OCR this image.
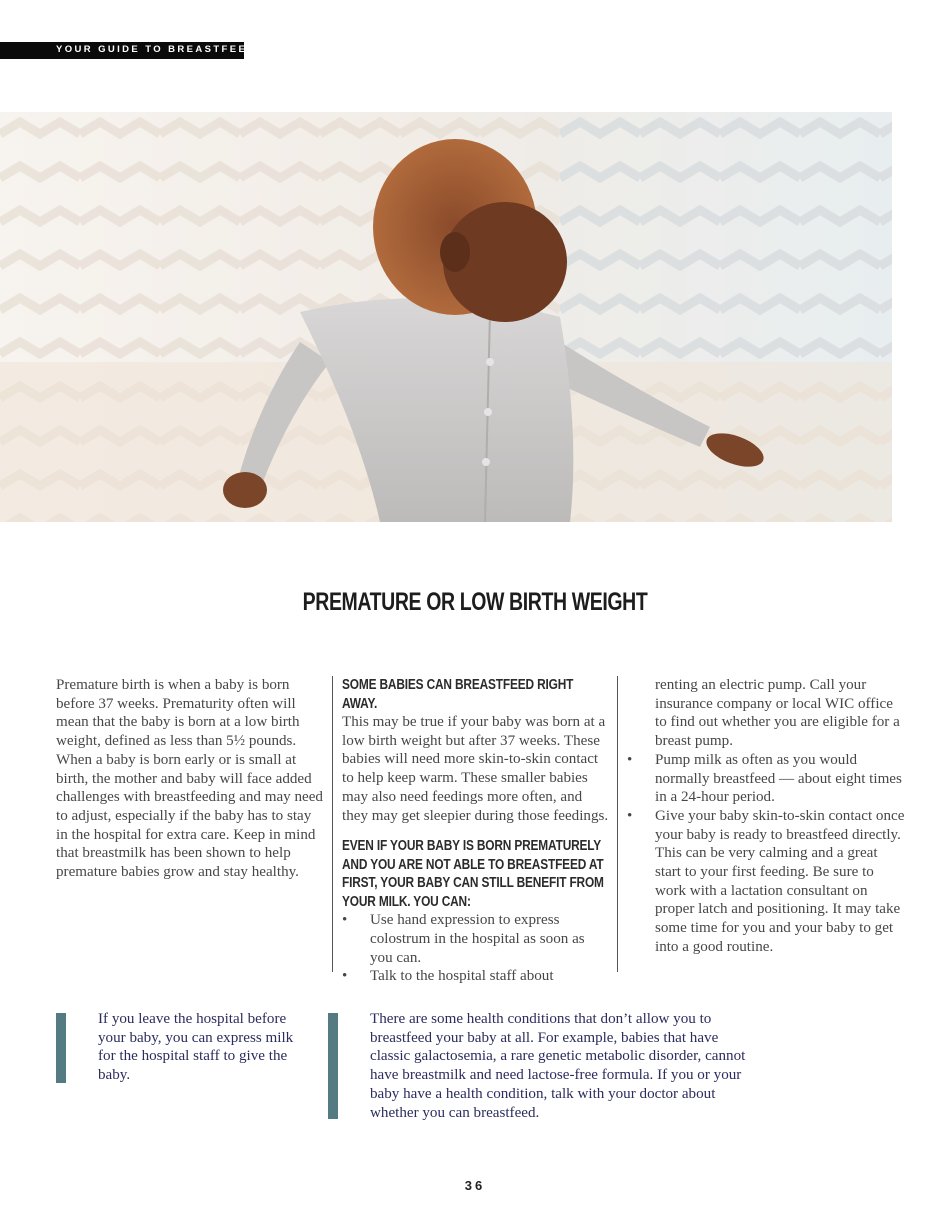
YOUR GUIDE TO BREASTFEEDING
PREMATURE OR LOW BIRTH WEIGHT

Premature birth is when a baby is born before 37 weeks. Prematurity often will mean that the baby is born at a low birth weight, defined as less than 5½ pounds. When a baby is born early or is small at birth, the mother and baby will face added challenges with breastfeeding and may need to adjust, especially if the baby has to stay in the hospital for extra care. Keep in mind that breastmilk has been shown to help premature babies grow and stay healthy.

SOME BABIES CAN BREASTFEED RIGHT AWAY.

This may be true if your baby was born at a low birth weight but after 37 weeks. These babies will need more skin-to-skin contact to help keep warm. These smaller babies may also need feedings more often, and they may get sleepier during those feedings.

EVEN IF YOUR BABY IS BORN PREMATURELY AND YOU ARE NOT ABLE TO BREASTFEED AT FIRST, YOUR BABY CAN STILL BENEFIT FROM YOUR MILK. YOU CAN:
• Use hand expression to express colostrum in the hospital as soon as you can.
• Talk to the hospital staff about

renting an electric pump. Call your insurance company or local WIC office to find out whether you are eligible for a breast pump.

• Pump milk as often as you would normally breastfeed — about eight times in a 24-hour period.
• Give your baby skin-to-skin contact once your baby is ready to breastfeed directly. This can be very calming and a great start to your first feeding. Be sure to work with a lactation consultant on proper latch and positioning. It may take some time for you and your baby to get into a good routine.
If you leave the hospital before your baby, you can express milk for the hospital staff to give the baby.
There are some health conditions that don’t allow you to breastfeed your baby at all. For example, babies that have classic galactosemia, a rare genetic metabolic disorder, cannot have breastmilk and need lactose-free formula. If you or your baby have a health condition, talk with your doctor about whether you can breastfeed.
36
